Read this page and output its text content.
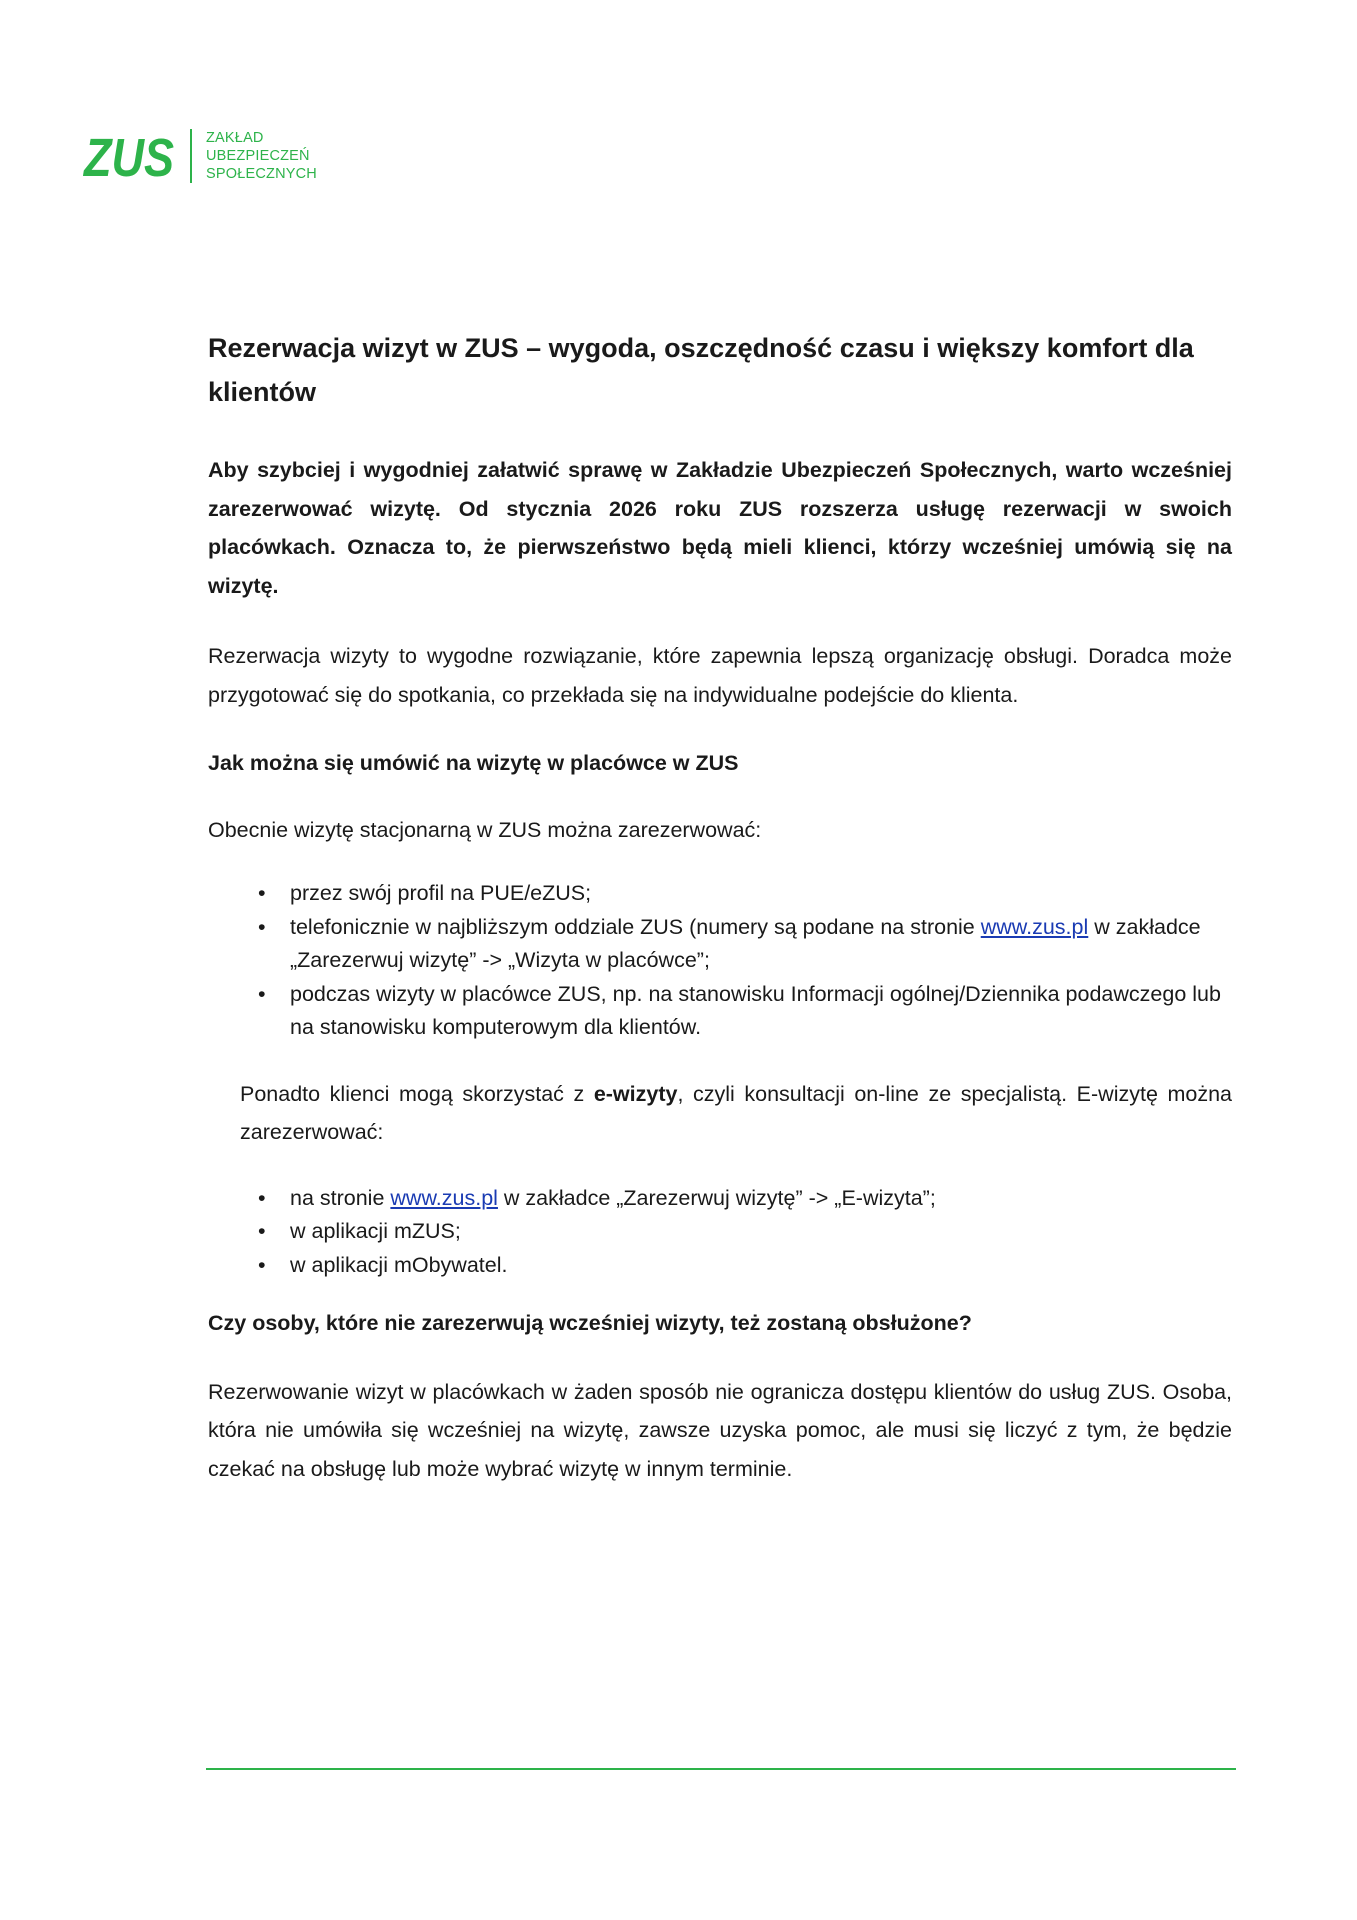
ZUS ZAKŁAD
UBEZPIECZEŃ
SPOŁECZNYCH
Rezerwacja wizyt w ZUS – wygoda, oszczędność czasu i większy komfort dla klientów

Aby szybciej i wygodniej załatwić sprawę w Zakładzie Ubezpieczeń Społecznych, warto wcześniej zarezerwować wizytę. Od stycznia 2026 roku ZUS rozszerza usługę rezerwacji w swoich placówkach. Oznacza to, że pierwszeństwo będą mieli klienci, którzy wcześniej umówią się na wizytę.

Rezerwacja wizyty to wygodne rozwiązanie, które zapewnia lepszą organizację obsługi. Doradca może przygotować się do spotkania, co przekłada się na indywidualne podejście do klienta.

Jak można się umówić na wizytę w placówce w ZUS

Obecnie wizytę stacjonarną w ZUS można zarezerwować:

• przez swój profil na PUE/eZUS;
• telefonicznie w najbliższym oddziale ZUS (numery są podane na stronie www.zus.pl w zakładce „Zarezerwuj wizytę” -> „Wizyta w placówce”;
• podczas wizyty w placówce ZUS, np. na stanowisku Informacji ogólnej/Dziennika podawczego lub na stanowisku komputerowym dla klientów.

Ponadto klienci mogą skorzystać z e-wizyty, czyli konsultacji on-line ze specjalistą. E-wizytę można zarezerwować:

• na stronie www.zus.pl w zakładce „Zarezerwuj wizytę” -> „E-wizyta”;
• w aplikacji mZUS;
• w aplikacji mObywatel.
Czy osoby, które nie zarezerwują wcześniej wizyty, też zostaną obsłużone?

Rezerwowanie wizyt w placówkach w żaden sposób nie ogranicza dostępu klientów do usług ZUS. Osoba, która nie umówiła się wcześniej na wizytę, zawsze uzyska pomoc, ale musi się liczyć z tym, że będzie czekać na obsługę lub może wybrać wizytę w innym terminie.
